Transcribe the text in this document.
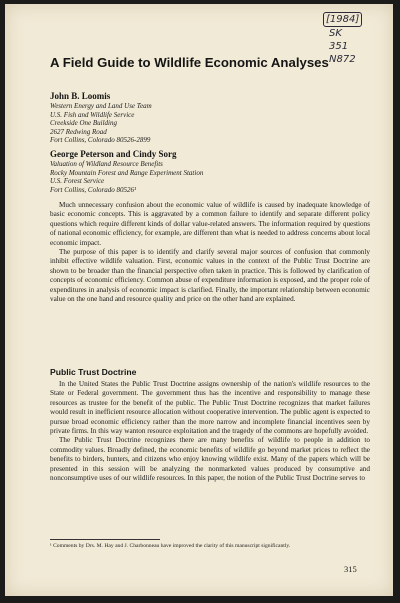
[1984]
SK
351
N872
A Field Guide to Wildlife Economic Analyses

John B. Loomis

Western Energy and Land Use Team

U.S. Fish and Wildlife Service

Creekside One Building

2627 Redwing Road

Fort Collins, Colorado 80526-2899

George Peterson and Cindy Sorg

Valuation of Wildland Resource Benefits

Rocky Mountain Forest and Range Experiment Station

U.S. Forest Service

Fort Collins, Colorado 80526¹

Much unnecessary confusion about the economic value of wildlife is caused by inadequate knowledge of basic economic concepts. This is aggravated by a common failure to identify and separate different policy questions which require different kinds of dollar value-related answers. The information required by questions of national economic efficiency, for example, are different than what is needed to address concerns about local economic impact.

The purpose of this paper is to identify and clarify several major sources of confusion that commonly inhibit effective wildlife valuation. First, economic values in the context of the Public Trust Doctrine are shown to be broader than the financial perspective often taken in practice. This is followed by clarification of concepts of economic efficiency. Common abuse of expenditure information is exposed, and the proper role of expenditures in analysis of economic impact is clarified. Finally, the important relationship between economic value on the one hand and resource quality and price on the other hand are explained.

Public Trust Doctrine

In the United States the Public Trust Doctrine assigns ownership of the nation's wildlife resources to the State or Federal government. The government thus has the incentive and responsibility to manage these resources as trustee for the benefit of the public. The Public Trust Doctrine recognizes that market failures would result in inefficient resource allocation without cooperative intervention. The public agent is expected to pursue broad economic efficiency rather than the more narrow and incomplete financial incentives seen by private firms. In this way wanton resource exploitation and the tragedy of the commons are hopefully avoided.

The Public Trust Doctrine recognizes there are many benefits of wildlife to people in addition to commodity values. Broadly defined, the economic benefits of wildlife go beyond market prices to reflect the benefits to birders, hunters, and citizens who enjoy knowing wildlife exist. Many of the papers which will be presented in this session will be analyzing the nonmarketed values produced by consumptive and nonconsumptive uses of our wildlife resources. In this paper, the notion of the Public Trust Doctrine serves to

¹ Comments by Drs. M. Hay and J. Charbonneau have improved the clarity of this manuscript significantly.
315
